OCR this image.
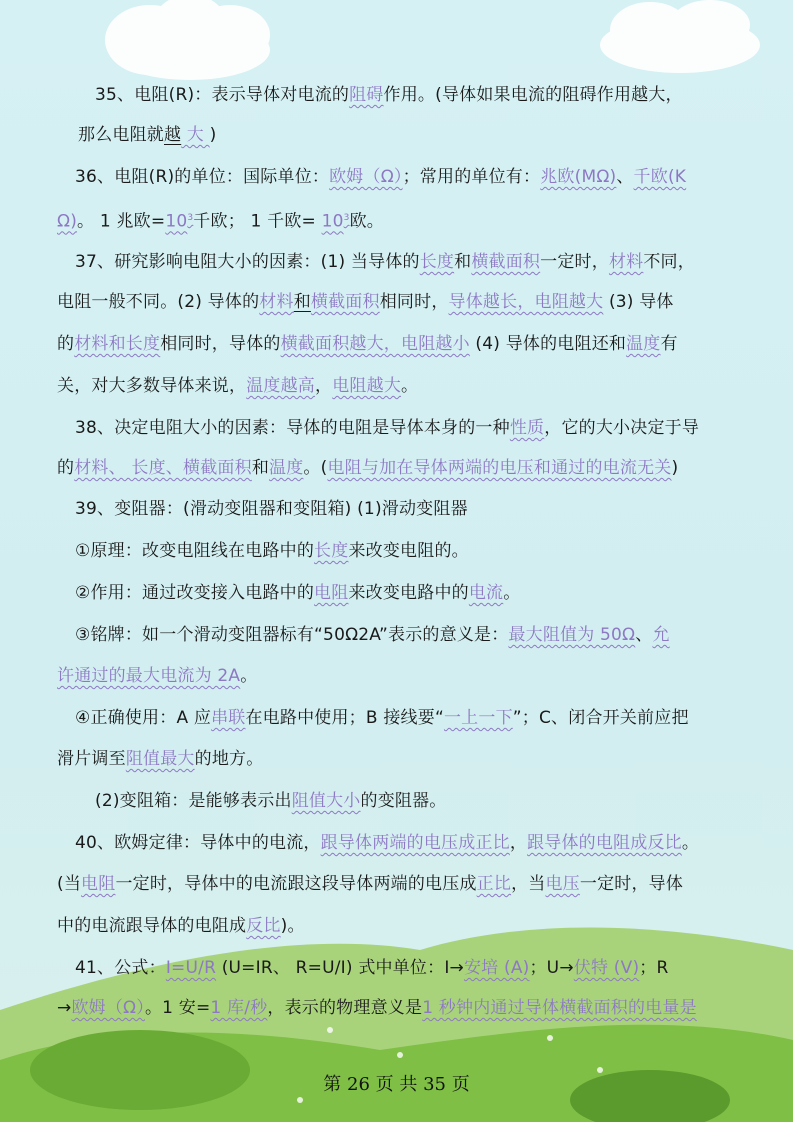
35、电阻(R)：表示导体对电流的阻碍作用。(导体如果电流的阻碍作用越大，
那么电阻就越 大 )
36、电阻(R)的单位：国际单位：欧姆（Ω）；常用的单位有：兆欧(MΩ)、千欧(K
Ω)。 1 兆欧$=10^3$千欧； 1 千欧= $10^3$欧。
37、研究影响电阻大小的因素：(1) 当导体的长度和横截面积一定时，材料不同，
电阻一般不同。(2) 导体的材料和横截面积相同时，导体越长，电阻越大 (3) 导体
的材料和长度相同时，导体的横截面积越大，电阻越小 (4) 导体的电阻还和温度有
关，对大多数导体来说，温度越高，电阻越大。
38、决定电阻大小的因素：导体的电阻是导体本身的一种性质，它的大小决定于导
的材料、 长度、横截面积和温度。(电阻与加在导体两端的电压和通过的电流无关)
39、变阻器：(滑动变阻器和变阻箱) (1)滑动变阻器
①原理：改变电阻线在电路中的长度来改变电阻的。
②作用：通过改变接入电路中的电阻来改变电路中的电流。
③铭牌：如一个滑动变阻器标有“50Ω2A”表示的意义是：最大阻值为 50Ω、允
许通过的最大电流为 2A。
④正确使用：A 应串联在电路中使用；B 接线要“一上一下”；C、闭合开关前应把
滑片调至阻值最大的地方。
(2)变阻箱：是能够表示出阻值大小的变阻器。
40、欧姆定律：导体中的电流，跟导体两端的电压成正比，跟导体的电阻成反比。
(当电阻一定时，导体中的电流跟这段导体两端的电压成正比，当电压一定时，导体
中的电流跟导体的电阻成反比)。
41、公式：I=U/R (U=IR、 R=U/I) 式中单位：I→安培 (A)；U→伏特 (V)；R
→欧姆（Ω）。1 安=1 库/秒，表示的物理意义是1 秒钟内通过导体横截面积的电量是
第 26 页 共 35 页
